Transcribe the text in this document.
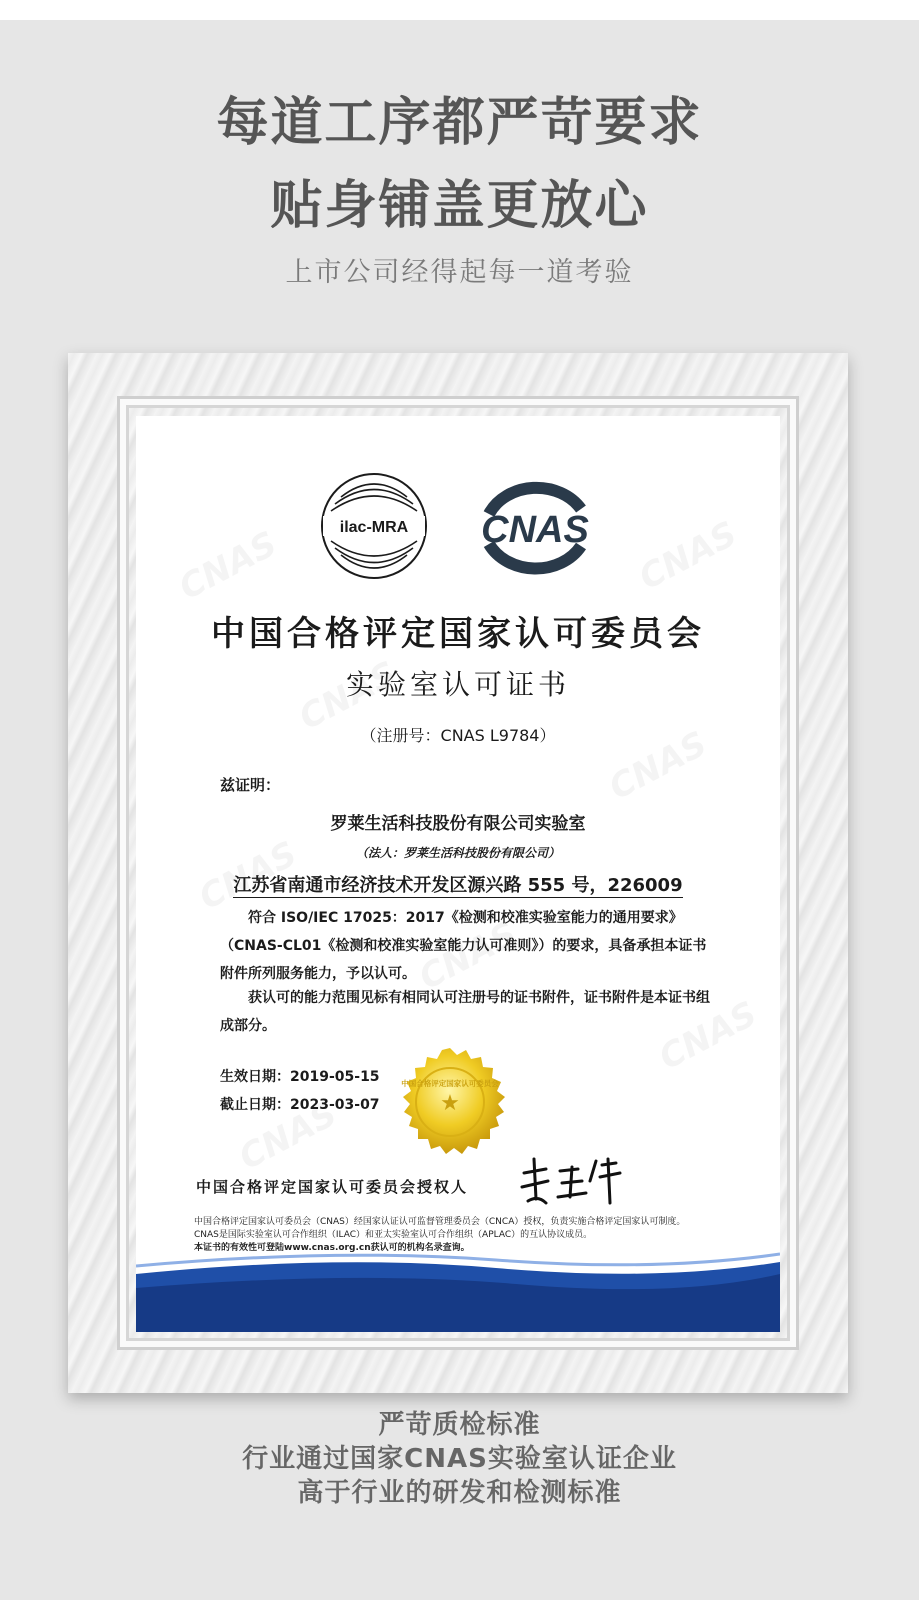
每道工序都严苛要求
贴身铺盖更放心
上市公司经得起每一道考验
ilac-MRA CNAS
中国合格评定国家认可委员会
实验室认可证书
（注册号：CNAS L9784）
兹证明：
罗莱生活科技股份有限公司实验室
（法人：罗莱生活科技股份有限公司）
江苏省南通市经济技术开发区源兴路 555 号，226009
符合 ISO/IEC 17025：2017《检测和校准实验室能力的通用要求》（CNAS-CL01《检测和校准实验室能力认可准则》）的要求，具备承担本证书附件所列服务能力，予以认可。
获认可的能力范围见标有相同认可注册号的证书附件，证书附件是本证书组成部分。
生效日期：2019-05-15
截止日期：2023-03-07	★
中国合格评定国家认可委员会
中国合格评定国家认可委员会授权人
中国合格评定国家认可委员会（CNAS）经国家认证认可监督管理委员会（CNCA）授权，负责实施合格评定国家认可制度。
CNAS是国际实验室认可合作组织（ILAC）和亚太实验室认可合作组织（APLAC）的互认协议成员。
本证书的有效性可登陆www.cnas.org.cn获认可的机构名录查询。
严苛质检标准
行业通过国家CNAS实验室认证企业
高于行业的研发和检测标准
